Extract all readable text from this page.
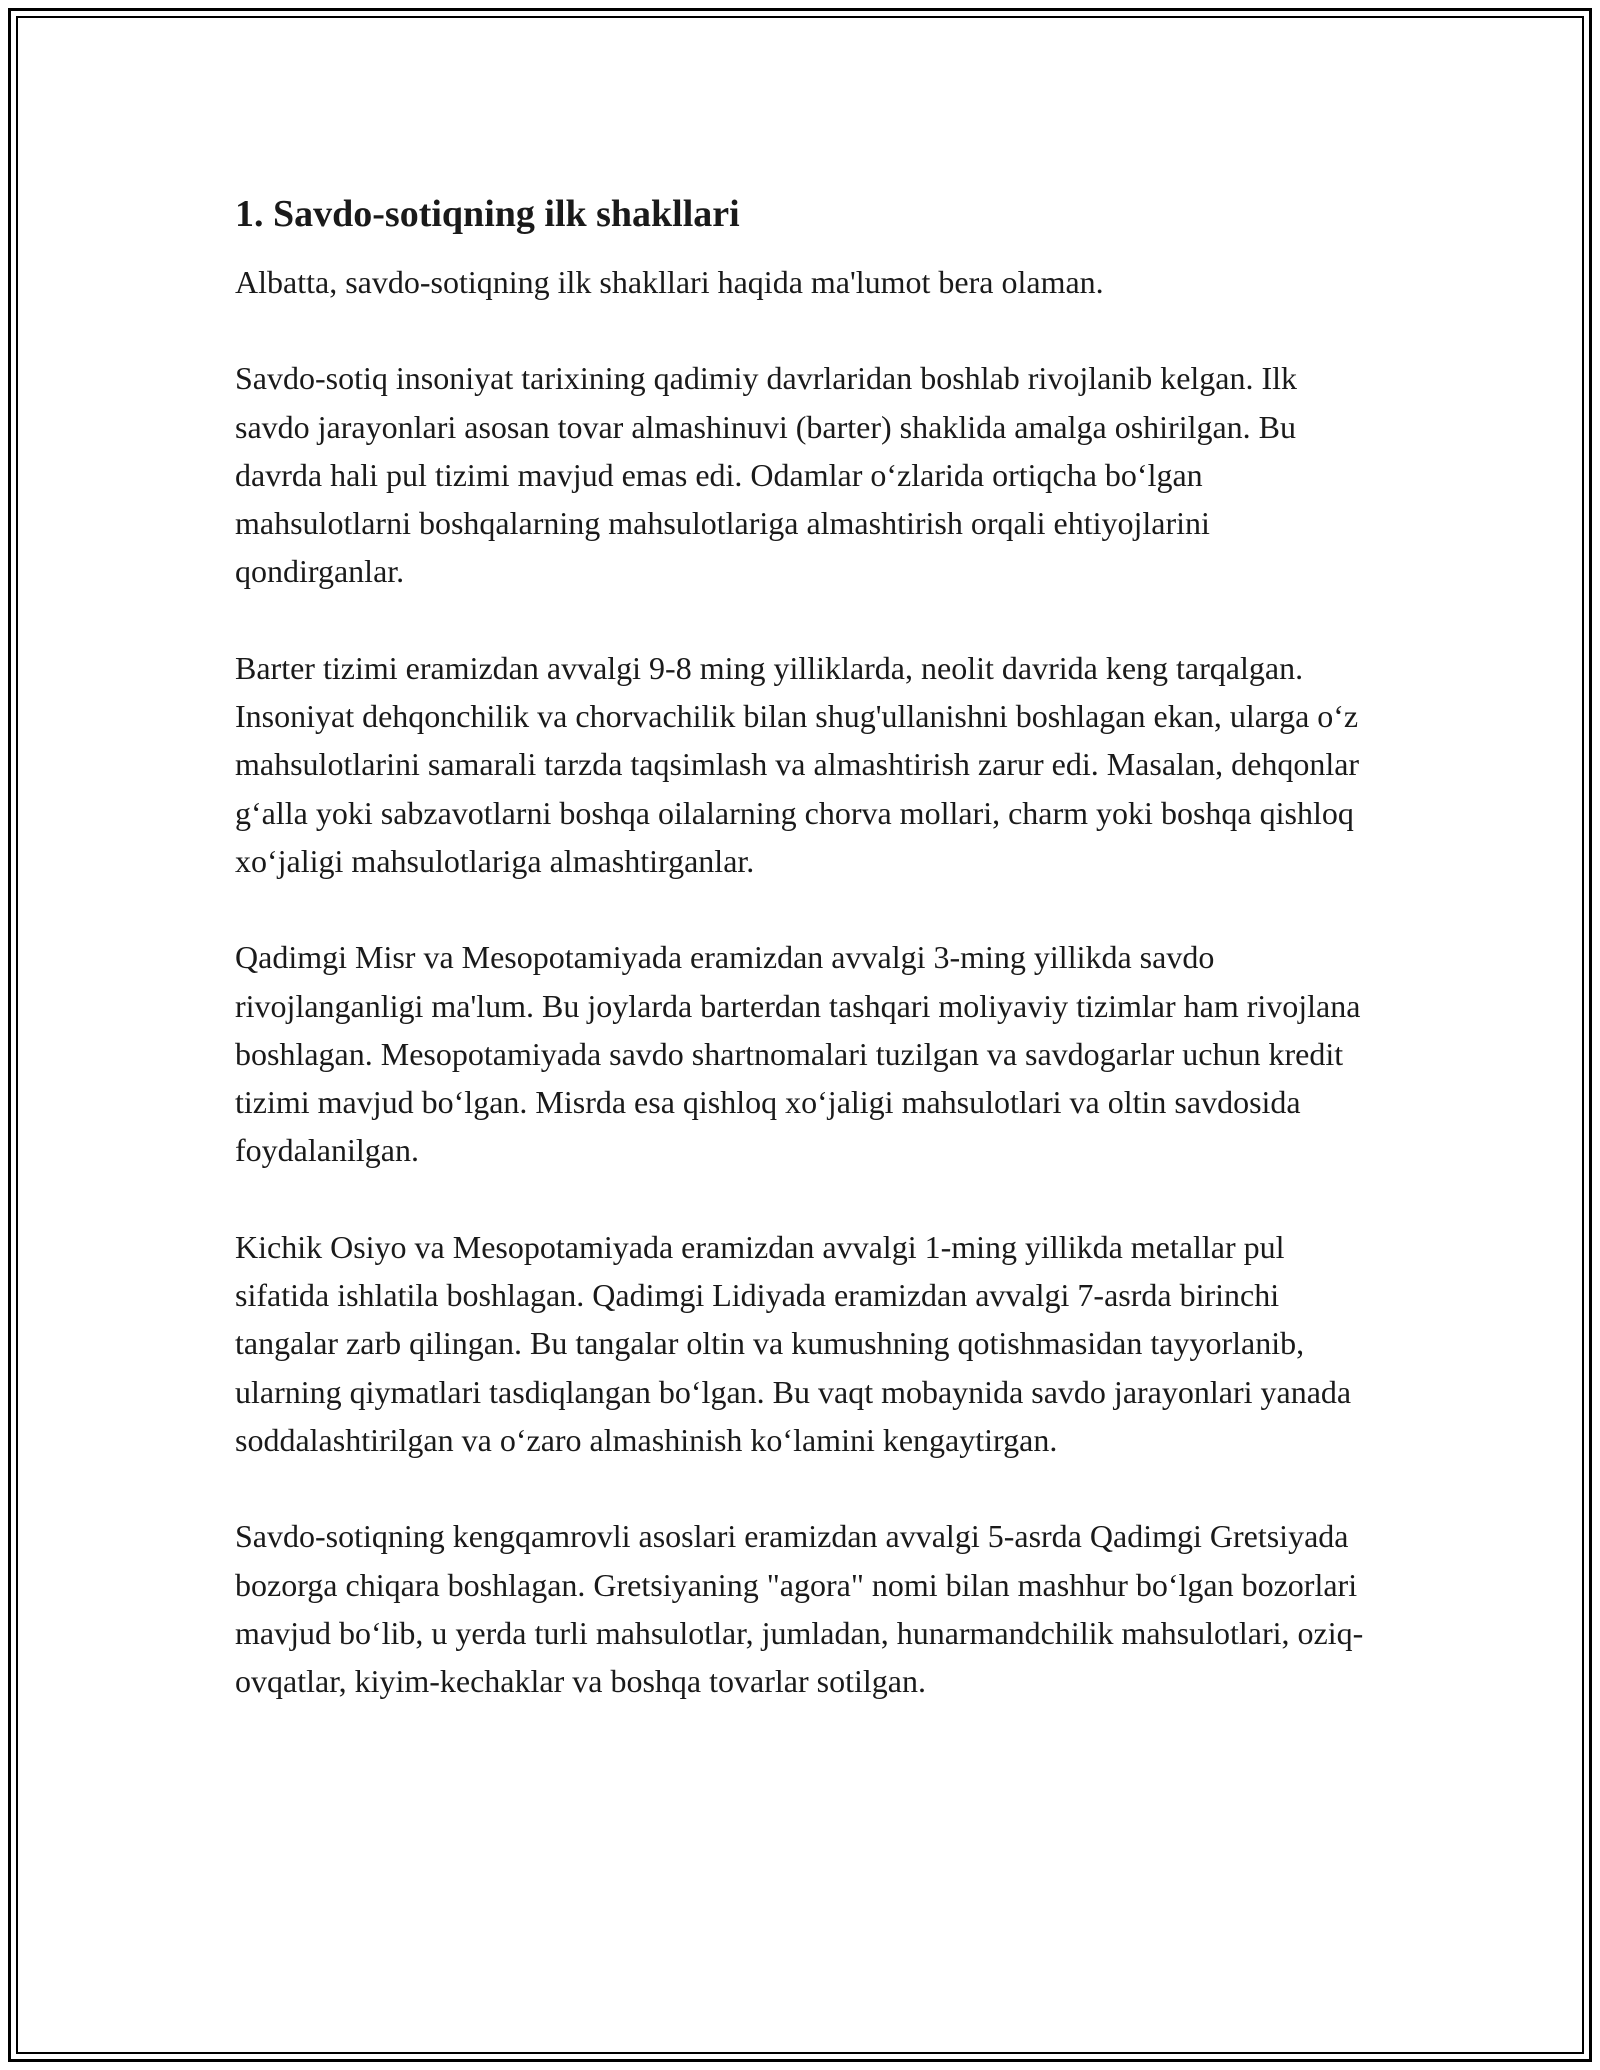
1. Savdo-sotiqning ilk shakllari

Albatta, savdo-sotiqning ilk shakllari haqida ma'lumot bera olaman.

Savdo-sotiq insoniyat tarixining qadimiy davrlaridan boshlab rivojlanib kelgan. Ilk savdo jarayonlari asosan tovar almashinuvi (barter) shaklida amalga oshirilgan. Bu davrda hali pul tizimi mavjud emas edi. Odamlar o‘zlarida ortiqcha bo‘lgan mahsulotlarni boshqalarning mahsulotlariga almashtirish orqali ehtiyojlarini qondirganlar.

Barter tizimi eramizdan avvalgi 9-8 ming yilliklarda, neolit davrida keng tarqalgan. Insoniyat dehqonchilik va chorvachilik bilan shug'ullanishni boshlagan ekan, ularga o‘z mahsulotlarini samarali tarzda taqsimlash va almashtirish zarur edi. Masalan, dehqonlar g‘alla yoki sabzavotlarni boshqa oilalarning chorva mollari, charm yoki boshqa qishloq xo‘jaligi mahsulotlariga almashtirganlar.

Qadimgi Misr va Mesopotamiyada eramizdan avvalgi 3-ming yillikda savdo rivojlanganligi ma'lum. Bu joylarda barterdan tashqari moliyaviy tizimlar ham rivojlana boshlagan. Mesopotamiyada savdo shartnomalari tuzilgan va savdogarlar uchun kredit tizimi mavjud bo‘lgan. Misrda esa qishloq xo‘jaligi mahsulotlari va oltin savdosida foydalanilgan.

Kichik Osiyo va Mesopotamiyada eramizdan avvalgi 1-ming yillikda metallar pul sifatida ishlatila boshlagan. Qadimgi Lidiyada eramizdan avvalgi 7-asrda birinchi tangalar zarb qilingan. Bu tangalar oltin va kumushning qotishmasidan tayyorlanib, ularning qiymatlari tasdiqlangan bo‘lgan. Bu vaqt mobaynida savdo jarayonlari yanada soddalashtirilgan va o‘zaro almashinish ko‘lamini kengaytirgan.

Savdo-sotiqning kengqamrovli asoslari eramizdan avvalgi 5-asrda Qadimgi Gretsiyada bozorga chiqara boshlagan. Gretsiyaning "agora" nomi bilan mashhur bo‘lgan bozorlari mavjud bo‘lib, u yerda turli mahsulotlar, jumladan, hunarmandchilik mahsulotlari, oziq-ovqatlar, kiyim-kechaklar va boshqa tovarlar sotilgan.
